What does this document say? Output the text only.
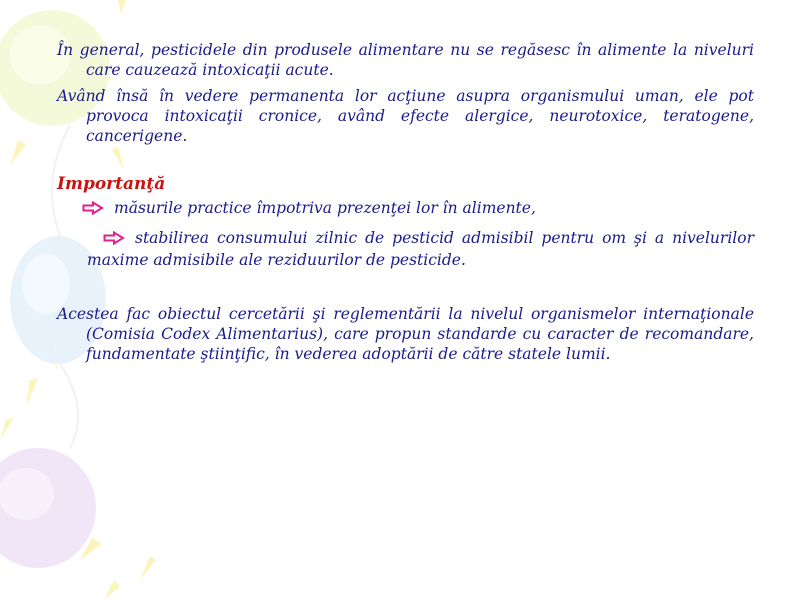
În general, pesticidele din produsele alimentare nu se regăsesc în alimente la niveluri care cauzează intoxicaţii acute.

Având însă în vedere permanenta lor acţiune asupra organismului uman, ele pot provoca intoxicaţii cronice, având efecte alergice, neurotoxice, teratogene, cancerigene.

Importanţă
măsurile practice împotriva prezenţei lor în alimente,
stabilirea consumului zilnic de pesticid admisibil pentru om şi a nivelurilor maxime admisibile ale reziduurilor de pesticide.

Acestea fac obiectul cercetării şi reglementării la nivelul organismelor internaţionale (Comisia Codex Alimentarius), care propun standarde cu caracter de recomandare, fundamentate ştiinţific, în vederea adoptării de către statele lumii.
